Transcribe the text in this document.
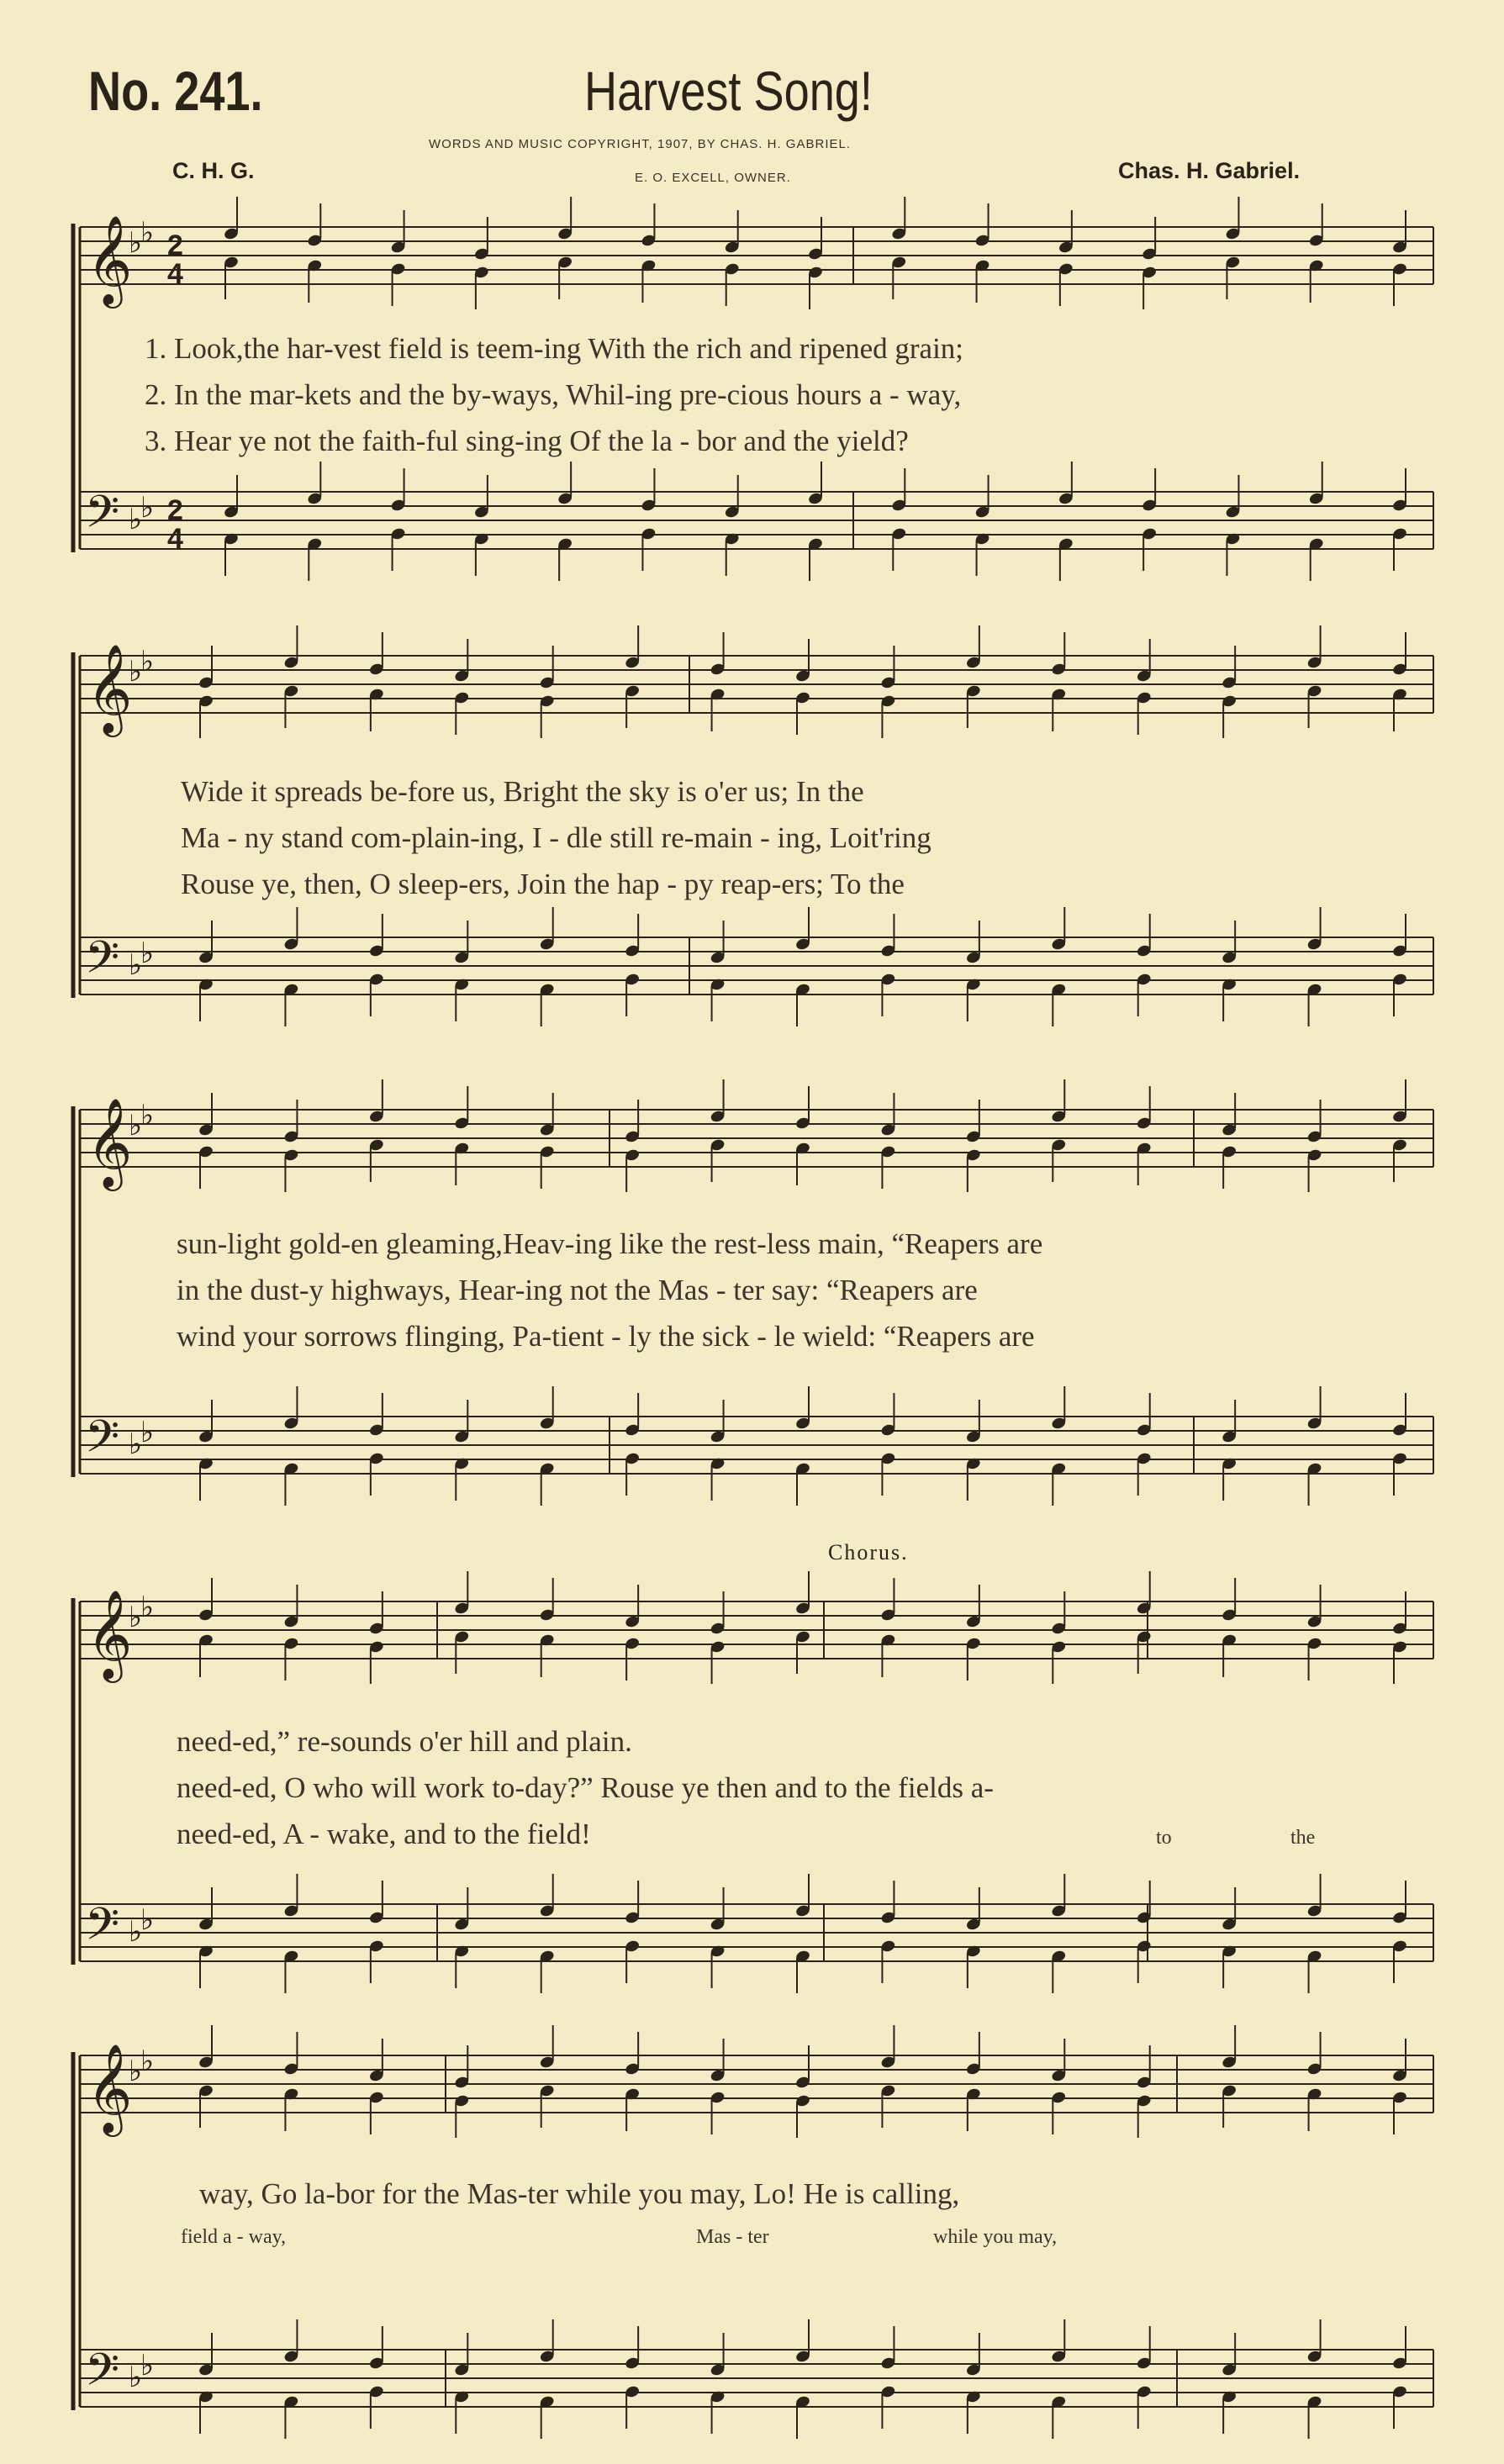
No. 241.	Harvest Song!
WORDS AND MUSIC COPYRIGHT, 1907, BY CHAS. H. GABRIEL.
E. O. EXCELL, OWNER.
C. H. G.	Chas. H. Gabriel.
𝄞
𝄢
♭
♭
♭
♭
2
4
2
4
𝄞
𝄢
♭
♭
♭
♭
𝄞
𝄢
♭
♭
♭
♭
𝄞
𝄢
♭
♭
♭
♭
𝄞
𝄢
♭
♭
♭
♭
1. Look,the har-vest field is teem-ing With the rich and ripened grain;
2. In the mar-kets and the by-ways, Whil-ing pre-cious hours a - way,
3. Hear ye not the faith-ful sing-ing Of the la - bor and the yield?
Wide it spreads be-fore us, Bright the sky is o'er us; In the
Ma - ny stand com-plain-ing, I - dle still re-main - ing, Loit'ring
Rouse ye, then, O sleep-ers, Join the hap - py reap-ers; To the
sun-light gold-en gleaming,Heav-ing like the rest-less main, “Reapers are
in the dust-y highways, Hear-ing not the Mas - ter say: “Reapers are
wind your sorrows flinging, Pa-tient - ly the sick - le wield: “Reapers are
Chorus.
need-ed,” re-sounds o'er hill and plain.
need-ed, O who will work to-day?” Rouse ye then and to the fields a-
need-ed, A - wake, and to the field!	to	the
way, Go la-bor for the Mas-ter while you may, Lo! He is calling,
field a - way,	Mas - ter	while you may,
